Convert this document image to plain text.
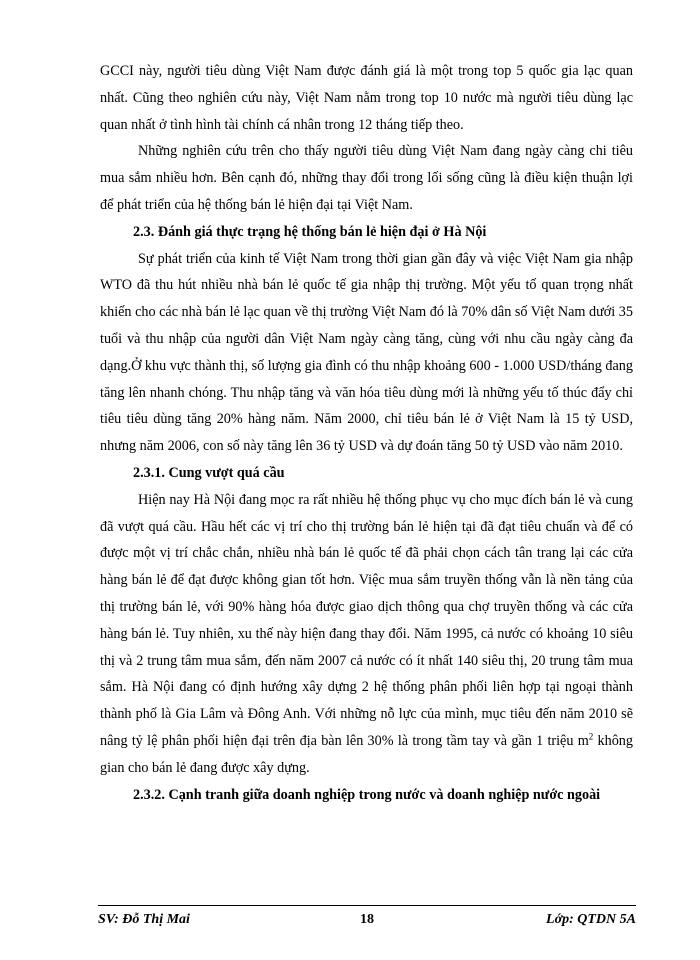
GCCI này, người tiêu dùng Việt Nam được đánh giá là một trong top 5 quốc gia lạc quan nhất. Cũng theo nghiên cứu này, Việt Nam nằm trong top 10 nước mà người tiêu dùng lạc quan nhất ở tình hình tài chính cá nhân trong 12 tháng tiếp theo.

Những nghiên cứu trên cho thấy người tiêu dùng Việt Nam đang ngày càng chi tiêu mua sắm nhiều hơn. Bên cạnh đó, những thay đổi trong lối sống cũng là điều kiện thuận lợi để phát triển của hệ thống bán lẻ hiện đại tại Việt Nam.

2.3. Đánh giá thực trạng hệ thống bán lẻ hiện đại ở Hà Nội

Sự phát triển của kinh tế Việt Nam trong thời gian gần đây và việc Việt Nam gia nhập WTO đã thu hút nhiều nhà bán lẻ quốc tế gia nhập thị trường. Một yếu tố quan trọng nhất khiến cho các nhà bán lẻ lạc quan về thị trường Việt Nam đó là 70% dân số Việt Nam dưới 35 tuổi và thu nhập của người dân Việt Nam ngày càng tăng, cùng với nhu cầu ngày càng đa dạng.Ở khu vực thành thị, số lượng gia đình có thu nhập khoảng 600 - 1.000 USD/tháng đang tăng lên nhanh chóng. Thu nhập tăng và văn hóa tiêu dùng mới là những yếu tố thúc đẩy chỉ tiêu tiêu dùng tăng 20% hàng năm. Năm 2000, chỉ tiêu bán lẻ ở Việt Nam là 15 tỷ USD, nhưng năm 2006, con số này tăng lên 36 tỷ USD và dự đoán tăng 50 tỷ USD vào năm 2010.

2.3.1. Cung vượt quá cầu

Hiện nay Hà Nội đang mọc ra rất nhiều hệ thống phục vụ cho mục đích bán lẻ và cung đã vượt quá cầu. Hầu hết các vị trí cho thị trường bán lẻ hiện tại đã đạt tiêu chuẩn và để có được một vị trí chắc chắn, nhiều nhà bán lẻ quốc tế đã phải chọn cách tân trang lại các cửa hàng bán lẻ để đạt được không gian tốt hơn. Việc mua sắm truyền thống vẫn là nền tảng của thị trường bán lẻ, với 90% hàng hóa được giao dịch thông qua chợ truyền thống và các cửa hàng bán lẻ. Tuy nhiên, xu thế này hiện đang thay đổi. Năm 1995, cả nước có khoảng 10 siêu thị và 2 trung tâm mua sắm, đến năm 2007 cả nước có ít nhất 140 siêu thị, 20 trung tâm mua sắm. Hà Nội đang có định hướng xây dựng 2 hệ thống phân phối liên hợp tại ngoại thành thành phố là Gia Lâm và Đông Anh. Với những nỗ lực của mình, mục tiêu đến năm 2010 sẽ nâng tỷ lệ phân phối hiện đại trên địa bàn lên 30% là trong tầm tay và gần 1 triệu $m^2$ không gian cho bán lẻ đang được xây dựng.

2.3.2. Cạnh tranh giữa doanh nghiệp trong nước và doanh nghiệp nước ngoài

SV: Đỗ Thị Mai	18	Lớp: QTDN 5A
